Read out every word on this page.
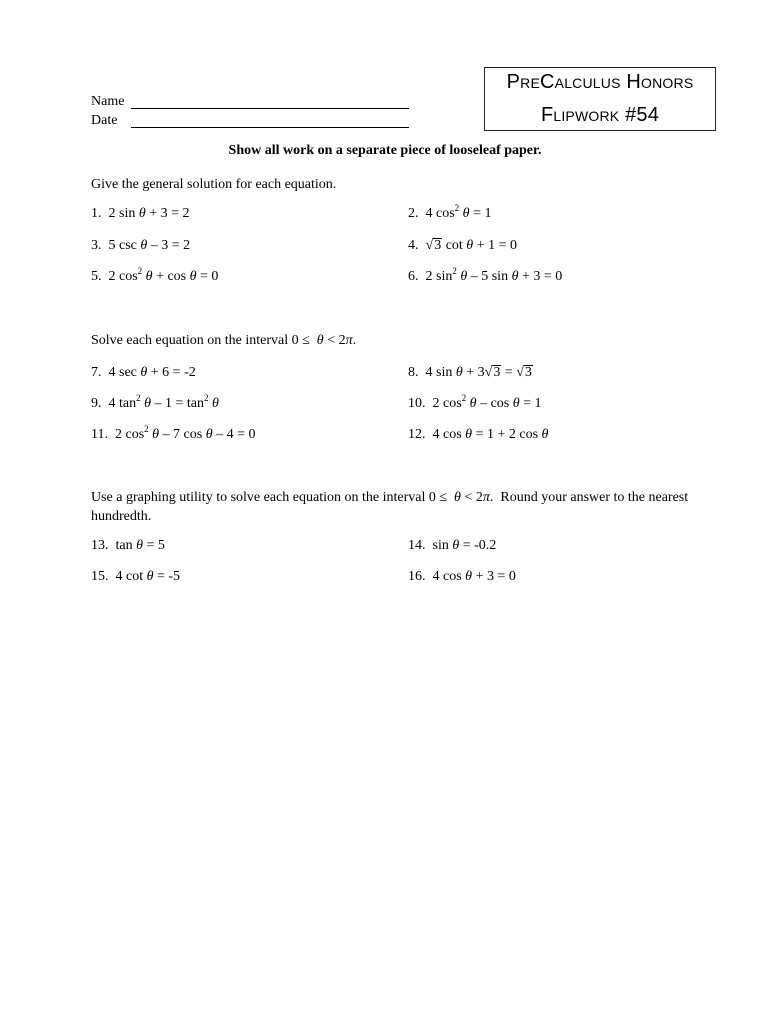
PreCalculus Honors
Flipwork #54
Name
Date
Show all work on a separate piece of looseleaf paper.
Give the general solution for each equation.
1. 2 sin θ + 3 = 2	2. 4 $\cos^2 \theta = 1$
3. 5 csc θ – 3 = 2	4. √3 cot θ + 1 = 0
5. 2 $\cos^2 \theta + \cos \theta = 0$	6. 2 $\sin^2 \theta - 5$ sin θ + 3 = 0
Solve each equation on the interval 0 ≤  θ < 2π.
7. 4 sec θ + 6 = -2	8. 4 sin θ + 3√3 = √3
9. 4 $\tan^2 \theta - 1 = \tan^2 \theta$	10. 2 $\cos^2 \theta - \cos \theta = 1$
11. 2 $\cos^2 \theta - 7$ cos θ – 4 = 0	12. 4 cos θ = 1 + 2 cos θ
Use a graphing utility to solve each equation on the interval 0 ≤  θ < 2π.  Round your answer to the nearest hundredth.
13. tan θ = 5	14. sin θ = -0.2
15. 4 cot θ = -5	16. 4 cos θ + 3 = 0
